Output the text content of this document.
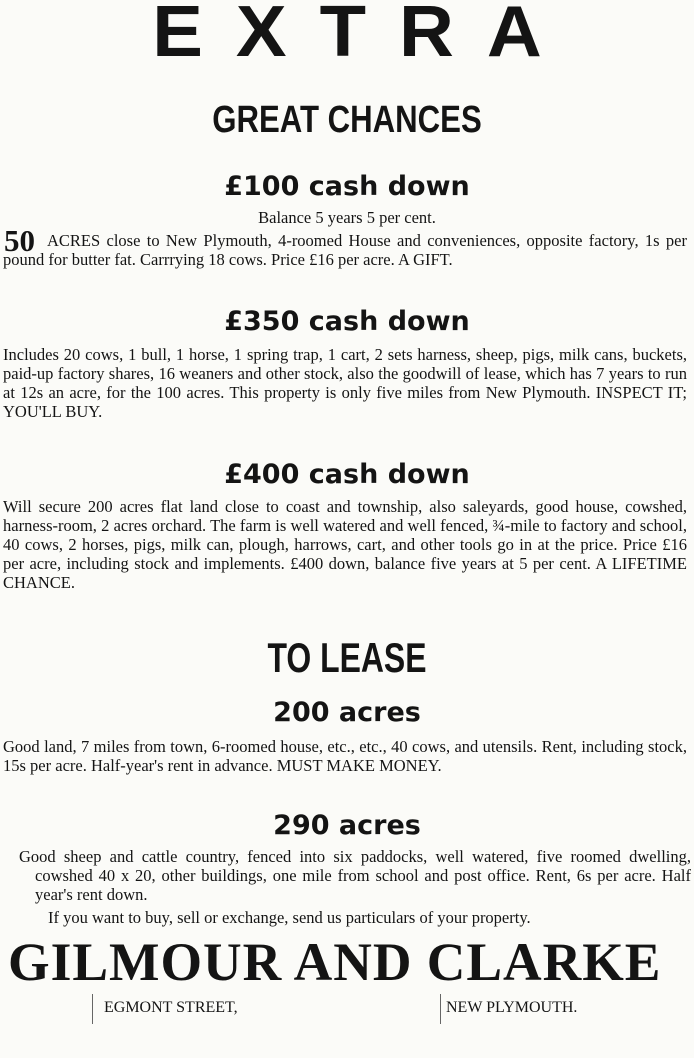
EXTRA
GREAT CHANCES
£100 cash down
Balance 5 years 5 per cent.
50 ACRES close to New Plymouth, 4-roomed House and conveniences, opposite factory, 1s per pound for butter fat. Carrrying 18 cows. Price £16 per acre. A GIFT.
£350 cash down
Includes 20 cows, 1 bull, 1 horse, 1 spring trap, 1 cart, 2 sets harness, sheep, pigs, milk cans, buckets, paid-up factory shares, 16 weaners and other stock, also the goodwill of lease, which has 7 years to run at 12s an acre, for the 100 acres. This property is only five miles from New Plymouth. INSPECT IT; YOU'LL BUY.
£400 cash down
Will secure 200 acres flat land close to coast and township, also saleyards, good house, cowshed, harness-room, 2 acres orchard. The farm is well watered and well fenced, ¾-mile to factory and school, 40 cows, 2 horses, pigs, milk can, plough, harrows, cart, and other tools go in at the price. Price £16 per acre, including stock and implements. £400 down, balance five years at 5 per cent. A LIFETIME CHANCE.
TO LEASE
200 acres
Good land, 7 miles from town, 6-roomed house, etc., etc., 40 cows, and utensils. Rent, including stock, 15s per acre. Half-year's rent in advance. MUST MAKE MONEY.
290 acres
Good sheep and cattle country, fenced into six paddocks, well watered, five roomed dwelling, cowshed 40 x 20, other buildings, one mile from school and post office. Rent, 6s per acre. Half year's rent down.
If you want to buy, sell or exchange, send us particulars of your property.
GILMOUR AND CLARKE
EGMONT STREET,	NEW PLYMOUTH.
